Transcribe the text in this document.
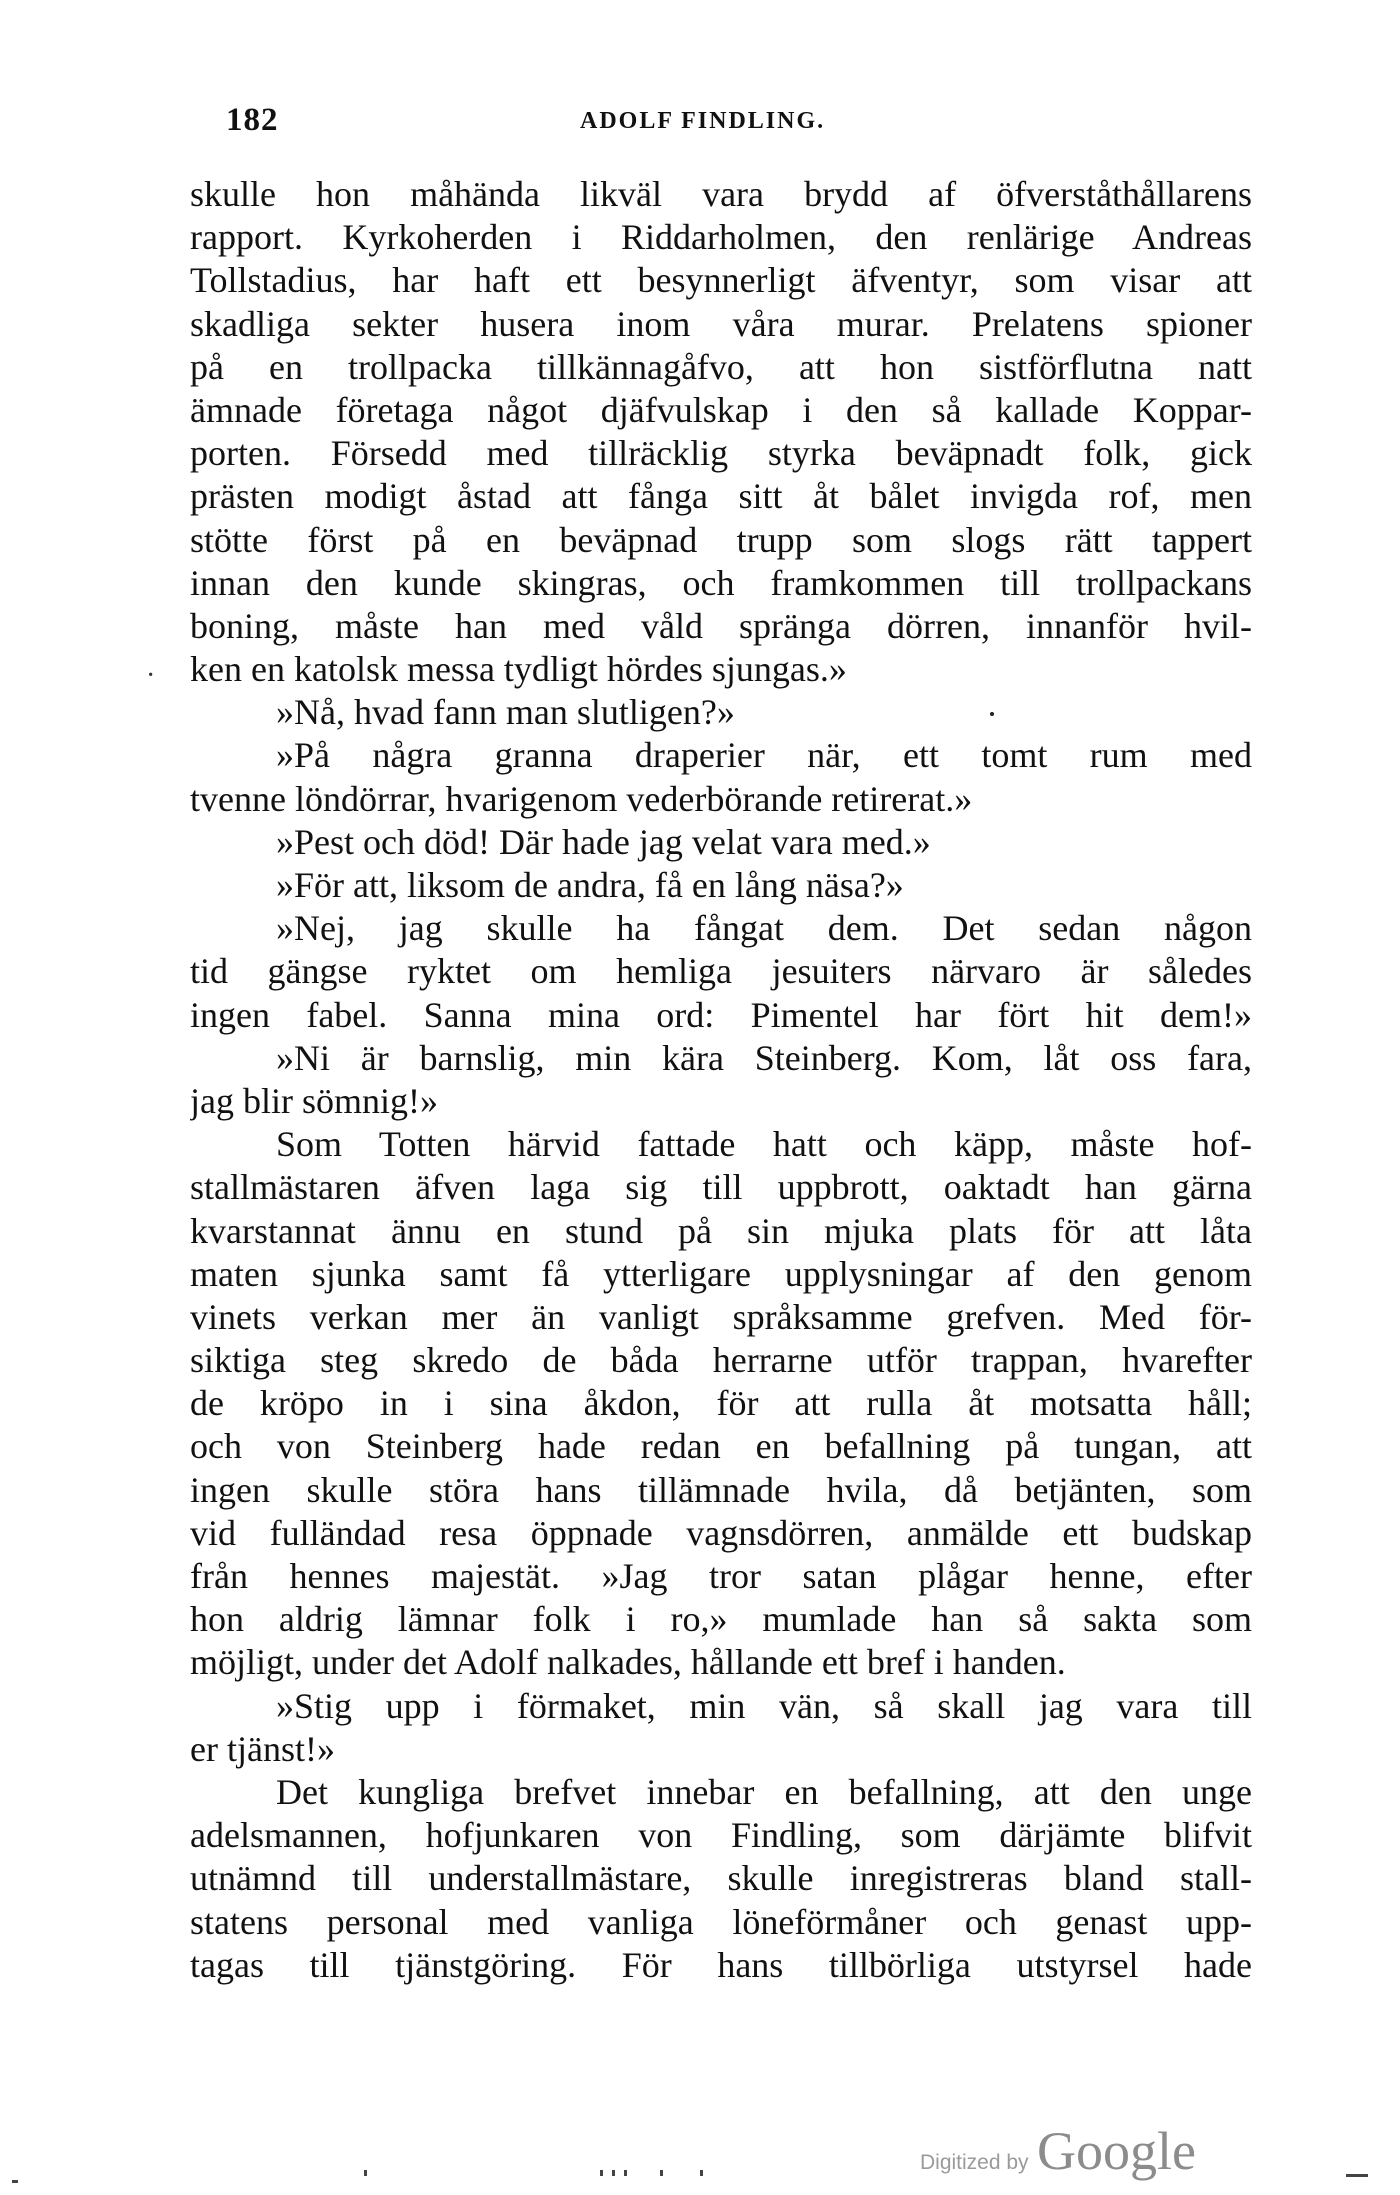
182	ADOLF FINDLING.
·
skulle hon måhända likväl vara brydd af öfverståthållarens
rapport. Kyrkoherden i Riddarholmen, den renlärige Andreas
Tollstadius, har haft ett besynnerligt äfventyr, som visar att
skadliga sekter husera inom våra murar. Prelatens spioner
på en trollpacka tillkännagåfvo, att hon sistförflutna natt
ämnade företaga något djäfvulskap i den så kallade Koppar-
porten. Försedd med tillräcklig styrka beväpnadt folk, gick
prästen modigt åstad att fånga sitt åt bålet invigda rof, men
stötte först på en beväpnad trupp som slogs rätt tappert
innan den kunde skingras, och framkommen till trollpackans
boning, måste han med våld spränga dörren, innanför hvil-
ken en katolsk messa tydligt hördes sjungas.»
»Nå, hvad fann man slutligen?»
»På några granna draperier när, ett tomt rum med
tvenne löndörrar, hvarigenom vederbörande retirerat.»
»Pest och död! Där hade jag velat vara med.»
»För att, liksom de andra, få en lång näsa?»
»Nej, jag skulle ha fångat dem. Det sedan någon
tid gängse ryktet om hemliga jesuiters närvaro är således
ingen fabel. Sanna mina ord: Pimentel har fört hit dem!»
»Ni är barnslig, min kära Steinberg. Kom, låt oss fara,
jag blir sömnig!»
Som Totten härvid fattade hatt och käpp, måste hof-
stallmästaren äfven laga sig till uppbrott, oaktadt han gärna
kvarstannat ännu en stund på sin mjuka plats för att låta
maten sjunka samt få ytterligare upplysningar af den genom
vinets verkan mer än vanligt språksamme grefven. Med för-
siktiga steg skredo de båda herrarne utför trappan, hvarefter
de kröpo in i sina åkdon, för att rulla åt motsatta håll;
och von Steinberg hade redan en befallning på tungan, att
ingen skulle störa hans tillämnade hvila, då betjänten, som
vid fulländad resa öppnade vagnsdörren, anmälde ett budskap
från hennes majestät. »Jag tror satan plågar henne, efter
hon aldrig lämnar folk i ro,» mumlade han så sakta som
möjligt, under det Adolf nalkades, hållande ett bref i handen.
»Stig upp i förmaket, min vän, så skall jag vara till
er tjänst!»
Det kungliga brefvet innebar en befallning, att den unge
adelsmannen, hofjunkaren von Findling, som därjämte blifvit
utnämnd till understallmästare, skulle inregistreras bland stall-
statens personal med vanliga löneförmåner och genast upp-
tagas till tjänstgöring. För hans tillbörliga utstyrsel hade
Digitized by Google
